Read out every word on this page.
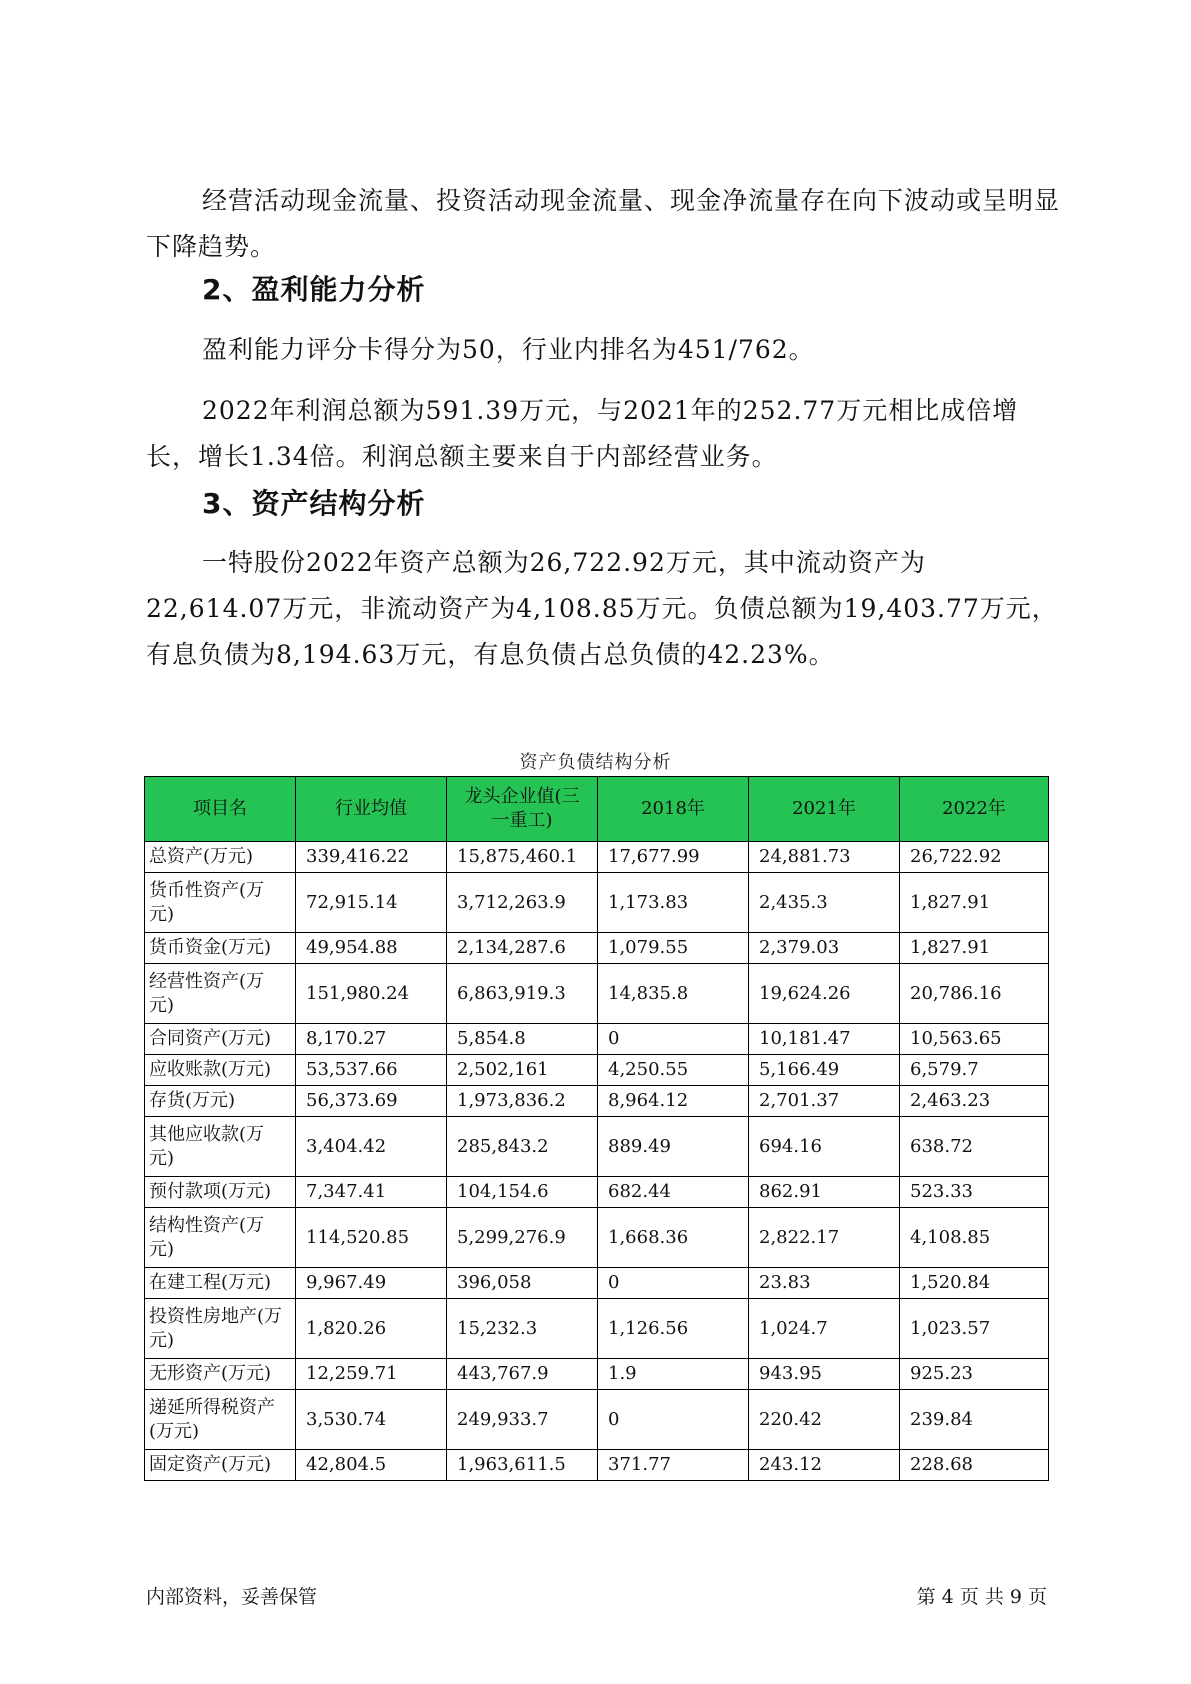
经营活动现金流量、投资活动现金流量、现金净流量存在向下波动或呈明显下降趋势。

2、盈利能力分析

盈利能力评分卡得分为50，行业内排名为451/762。

2022年利润总额为591.39万元，与2021年的252.77万元相比成倍增长，增长1.34倍。利润总额主要来自于内部经营业务。

3、资产结构分析

一特股份2022年资产总额为26,722.92万元，其中流动资产为22,614.07万元，非流动资产为4,108.85万元。负债总额为19,403.77万元，有息负债为8,194.63万元，有息负债占总负债的42.23%。

资产负债结构分析
项目名	行业均值	龙头企业值(三一重工)	2018年	2021年	2022年
总资产(万元)	339,416.22	15,875,460.1	17,677.99	24,881.73	26,722.92
货币性资产(万元)	72,915.14	3,712,263.9	1,173.83	2,435.3	1,827.91
货币资金(万元)	49,954.88	2,134,287.6	1,079.55	2,379.03	1,827.91
经营性资产(万元)	151,980.24	6,863,919.3	14,835.8	19,624.26	20,786.16
合同资产(万元)	8,170.27	5,854.8	0	10,181.47	10,563.65
应收账款(万元)	53,537.66	2,502,161	4,250.55	5,166.49	6,579.7
存货(万元)	56,373.69	1,973,836.2	8,964.12	2,701.37	2,463.23
其他应收款(万元)	3,404.42	285,843.2	889.49	694.16	638.72
预付款项(万元)	7,347.41	104,154.6	682.44	862.91	523.33
结构性资产(万元)	114,520.85	5,299,276.9	1,668.36	2,822.17	4,108.85
在建工程(万元)	9,967.49	396,058	0	23.83	1,520.84
投资性房地产(万元)	1,820.26	15,232.3	1,126.56	1,024.7	1,023.57
无形资产(万元)	12,259.71	443,767.9	1.9	943.95	925.23
递延所得税资产(万元)	3,530.74	249,933.7	0	220.42	239.84
固定资产(万元)	42,804.5	1,963,611.5	371.77	243.12	228.68
内部资料，妥善保管	第 4 页 共 9 页
